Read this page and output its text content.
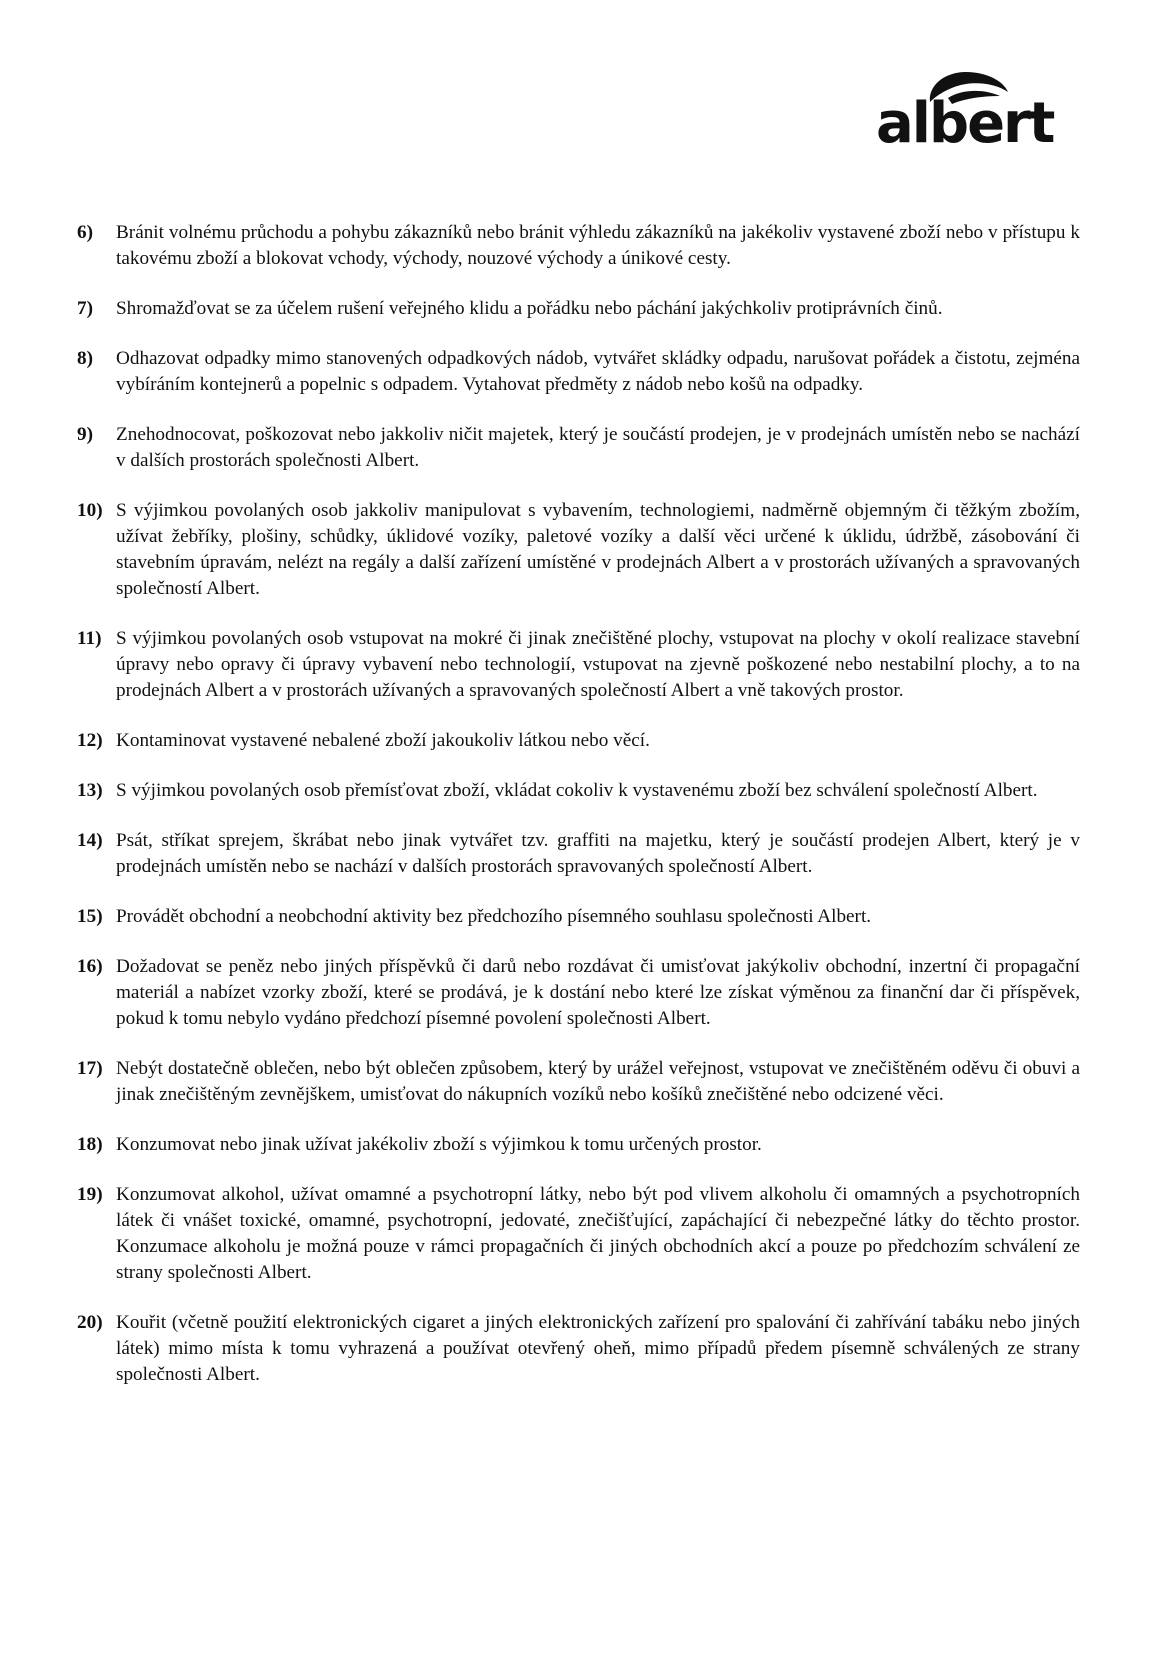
albert
6)	Bránit volnému průchodu a pohybu zákazníků nebo bránit výhledu zákazníků na jakékoliv vystavené zboží nebo v přístupu k takovému zboží a blokovat vchody, východy, nouzové východy a únikové cesty.
7)	Shromažďovat se za účelem rušení veřejného klidu a pořádku nebo páchání jakýchkoliv protiprávních činů.
8)	Odhazovat odpadky mimo stanovených odpadkových nádob, vytvářet skládky odpadu, narušovat pořádek a čistotu, zejména vybíráním kontejnerů a popelnic s odpadem. Vytahovat předměty z nádob nebo košů na odpadky.
9)	Znehodnocovat, poškozovat nebo jakkoliv ničit majetek, který je součástí prodejen, je v prodejnách umístěn nebo se nachází v dalších prostorách společnosti Albert.
10) S výjimkou povolaných osob jakkoliv manipulovat s vybavením, technologiemi, nadměrně objemným či těžkým zbožím, užívat žebříky, plošiny, schůdky, úklidové vozíky, paletové vozíky a další věci určené k úklidu, údržbě, zásobování či stavebním úpravám, nelézt na regály a další zařízení umístěné v prodejnách Albert a v prostorách užívaných a spravovaných společností Albert.
11) S výjimkou povolaných osob vstupovat na mokré či jinak znečištěné plochy, vstupovat na plochy v okolí realizace stavební úpravy nebo opravy či úpravy vybavení nebo technologií, vstupovat na zjevně poškozené nebo nestabilní plochy, a to na prodejnách Albert a v prostorách užívaných a spravovaných společností Albert a vně takových prostor.
12) Kontaminovat vystavené nebalené zboží jakoukoliv látkou nebo věcí.
13) S výjimkou povolaných osob přemísťovat zboží, vkládat cokoliv k vystavenému zboží bez schválení společností Albert.
14) Psát, stříkat sprejem, škrábat nebo jinak vytvářet tzv. graffiti na majetku, který je součástí prodejen Albert, který je v prodejnách umístěn nebo se nachází v dalších prostorách spravovaných společností Albert.
15) Provádět obchodní a neobchodní aktivity bez předchozího písemného souhlasu společnosti Albert.
16) Dožadovat se peněz nebo jiných příspěvků či darů nebo rozdávat či umisťovat jakýkoliv obchodní, inzertní či propagační materiál a nabízet vzorky zboží, které se prodává, je k dostání nebo které lze získat výměnou za finanční dar či příspěvek, pokud k tomu nebylo vydáno předchozí písemné povolení společnosti Albert.
17) Nebýt dostatečně oblečen, nebo být oblečen způsobem, který by urážel veřejnost, vstupovat ve znečištěném oděvu či obuvi a jinak znečištěným zevnějškem, umisťovat do nákupních vozíků nebo košíků znečištěné nebo odcizené věci.
18) Konzumovat nebo jinak užívat jakékoliv zboží s výjimkou k tomu určených prostor.
19) Konzumovat alkohol, užívat omamné a psychotropní látky, nebo být pod vlivem alkoholu či omamných a psychotropních látek či vnášet toxické, omamné, psychotropní, jedovaté, znečišťující, zapáchající či nebezpečné látky do těchto prostor. Konzumace alkoholu je možná pouze v rámci propagačních či jiných obchodních akcí a pouze po předchozím schválení ze strany společnosti Albert.
20) Kouřit (včetně použití elektronických cigaret a jiných elektronických zařízení pro spalování či zahřívání tabáku nebo jiných látek) mimo místa k tomu vyhrazená a používat otevřený oheň, mimo případů předem písemně schválených ze strany společnosti Albert.
